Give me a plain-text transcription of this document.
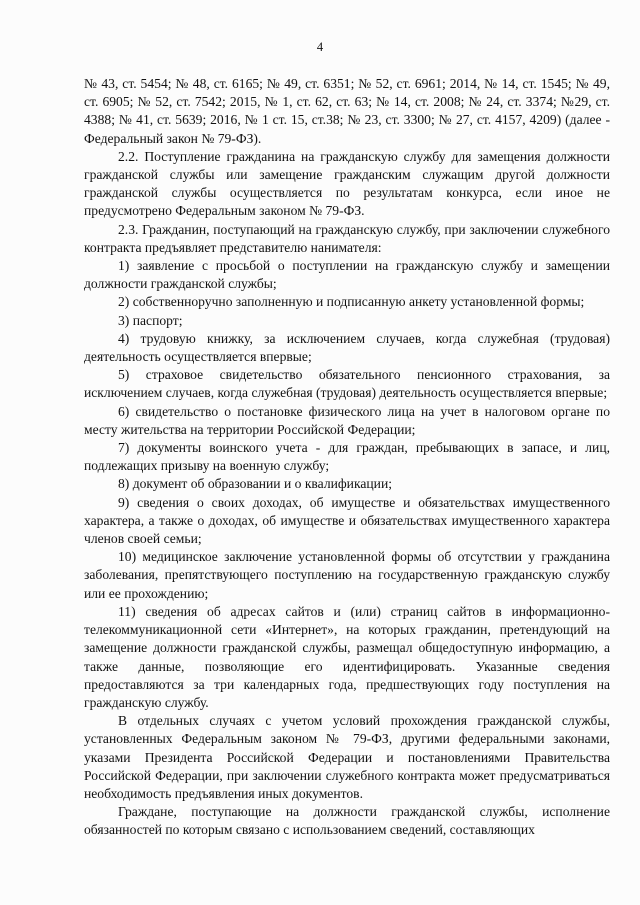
4

№ 43, ст. 5454; № 48, ст. 6165; № 49, ст. 6351; № 52, ст. 6961; 2014, № 14, ст. 1545; № 49, ст. 6905; № 52, ст. 7542; 2015, № 1, ст. 62, ст. 63; № 14, ст. 2008; № 24, ст. 3374; №29, ст. 4388; № 41, ст. 5639; 2016, № 1 ст. 15, ст.38; № 23, ст. 3300; № 27, ст. 4157, 4209) (далее - Федеральный закон № 79-ФЗ).

2.2. Поступление гражданина на гражданскую службу для замещения должности гражданской службы или замещение гражданским служащим другой должности гражданской службы осуществляется по результатам конкурса, если иное не предусмотрено Федеральным законом № 79-ФЗ.

2.3. Гражданин, поступающий на гражданскую службу, при заключении служебного контракта предъявляет представителю нанимателя:

1) заявление с просьбой о поступлении на гражданскую службу и замещении должности гражданской службы;

2) собственноручно заполненную и подписанную анкету установленной формы;

3) паспорт;

4) трудовую книжку, за исключением случаев, когда служебная (трудовая) деятельность осуществляется впервые;

5) страховое свидетельство обязательного пенсионного страхования, за исключением случаев, когда служебная (трудовая) деятельность осуществляется впервые;

6) свидетельство о постановке физического лица на учет в налоговом органе по месту жительства на территории Российской Федерации;

7) документы воинского учета - для граждан, пребывающих в запасе, и лиц, подлежащих призыву на военную службу;

8) документ об образовании и о квалификации;

9) сведения о своих доходах, об имуществе и обязательствах имущественного характера, а также о доходах, об имуществе и обязательствах имущественного характера членов своей семьи;

10) медицинское заключение установленной формы об отсутствии у гражданина заболевания, препятствующего поступлению на государственную гражданскую службу или ее прохождению;

11) сведения об адресах сайтов и (или) страниц сайтов в информационно-телекоммуникационной сети «Интернет», на которых гражданин, претендующий на замещение должности гражданской службы, размещал общедоступную информацию, а также данные, позволяющие его идентифицировать. Указанные сведения предоставляются за три календарных года, предшествующих году поступления на гражданскую службу.

В отдельных случаях с учетом условий прохождения гражданской службы, установленных Федеральным законом № 79-ФЗ, другими федеральными законами, указами Президента Российской Федерации и постановлениями Правительства Российской Федерации, при заключении служебного контракта может предусматриваться необходимость предъявления иных документов.

Граждане, поступающие на должности гражданской службы, исполнение обязанностей по которым связано с использованием сведений, составляющих
